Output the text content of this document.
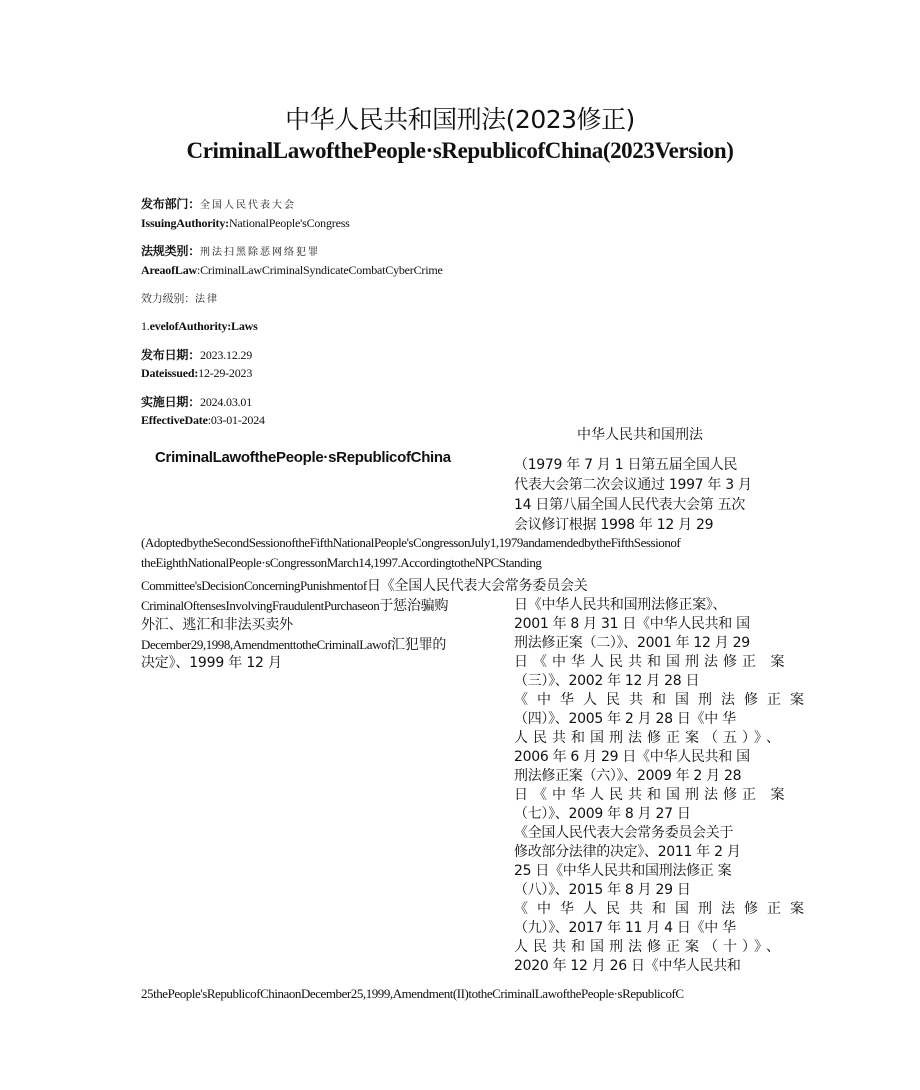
中华人民共和国刑法(2023修正)
CriminalLawofthePeople·sRepublicofChina(2023Version)
发布部门：全国人民代表大会
IssuingAuthority:NationalPeople'sCongress
法规类别：刑法扫黑除恶网络犯罪
AreaofLaw:CriminalLawCriminalSyndicateCombatCyberCrime
效力级别：法律
1.evelofAuthority:Laws
发布日期：2023.12.29
Dateissued:12-29-2023
实施日期：2024.03.01
EffectiveDate:03-01-2024
中华人民共和国刑法
CriminalLawofthePeople·sRepublicofChina	（1979 年 7 月 1 日第五届全国人民
代表大会第二次会议通过 1997 年 3 月
14 日第八届全国人民代表大会第 五次
会议修订根据 1998 年 12 月 29
(AdoptedbytheSecondSessionoftheFifthNationalPeople'sCongressonJuly1,1979andamendedbytheFifthSessionof
theEighthNationalPeople·sCongressonMarch14,1997.AccordingtotheNPCStanding
Committee'sDecisionConcerningPunishmentof日《全国人民代表大会常务委员会关
CriminalOftensesInvolvingFraudulentPurchaseon于惩治骗购
外汇、逃汇和非法买卖外
December29,1998,AmendmenttotheCriminalLawof汇犯罪的
决定》、1999 年 12 月
日《中华人民共和国刑法修正案》、
2001 年 8 月 31 日《中华人民共和 国
刑法修正案（二）》、2001 年 12 月 29
日《中华人民共和国刑法修正 案
（三）》、2002 年 12 月 28 日
《中华人民共和国刑法修正案
（四）》、2005 年 2 月 28 日《中 华
人民共和国刑法修正案（五）》、
2006 年 6 月 29 日《中华人民共和 国
刑法修正案（六）》、2009 年 2 月 28
日《中华人民共和国刑法修正 案
（七）》、2009 年 8 月 27 日
《全国人民代表大会常务委员会关于
修改部分法律的决定》、2011 年 2 月
25 日《中华人民共和国刑法修正 案
（八）》、2015 年 8 月 29 日
《中华人民共和国刑法修正案
（九）》、2017 年 11 月 4 日《中 华
人民共和国刑法修正案（十）》、
2020 年 12 月 26 日《中华人民共和
25thePeople'sRepublicofChinaonDecember25,1999,Amendment(II)totheCriminalLawofthePeople·sRepublicofC
